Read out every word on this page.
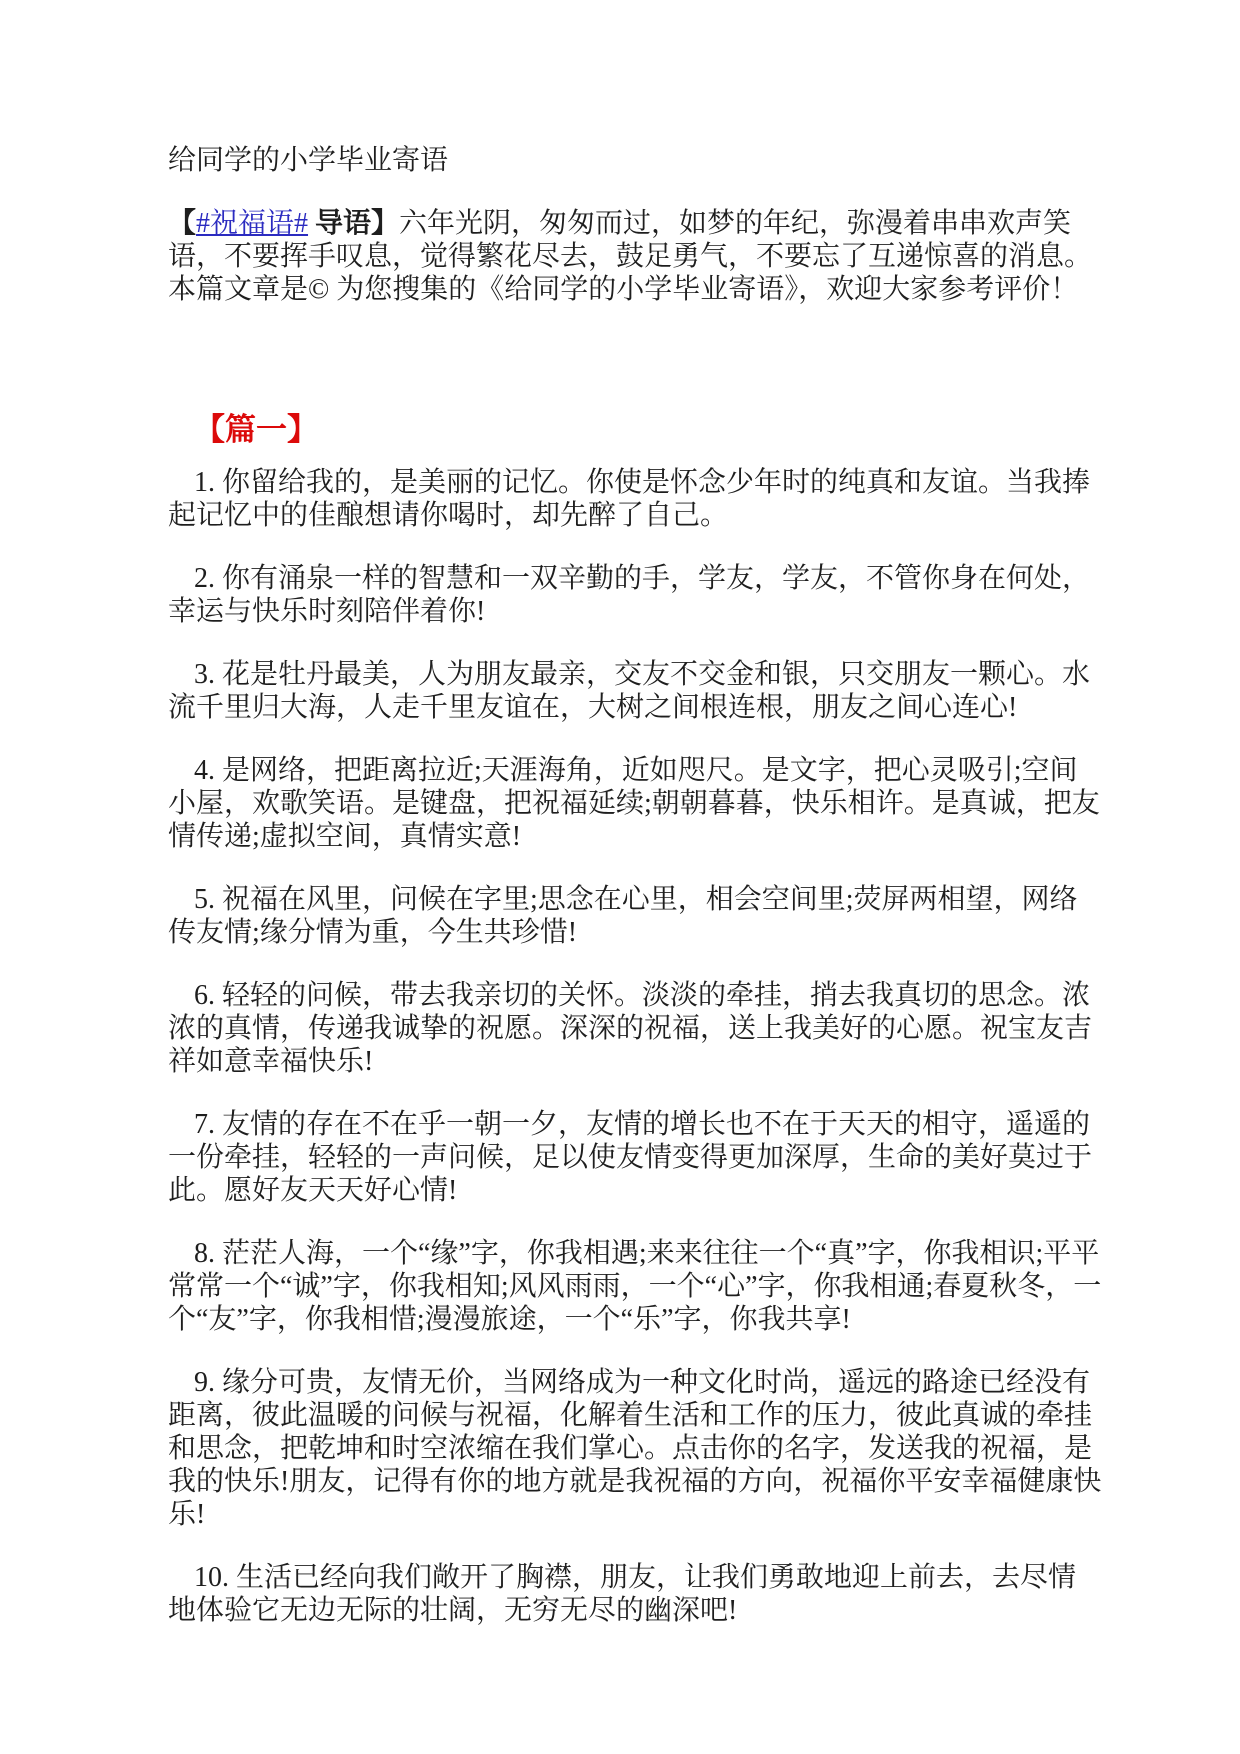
给同学的小学毕业寄语

【#祝福语# 导语】六年光阴，匆匆而过，如梦的年纪，弥漫着串串欢声笑语，不要挥手叹息，觉得繁花尽去，鼓足勇气，不要忘了互递惊喜的消息。本篇文章是© 为您搜集的《给同学的小学毕业寄语》，欢迎大家参考评价！

【篇一】

1. 你留给我的，是美丽的记忆。你使是怀念少年时的纯真和友谊。当我捧起记忆中的佳酿想请你喝时，却先醉了自己。

2. 你有涌泉一样的智慧和一双辛勤的手，学友，学友，不管你身在何处，幸运与快乐时刻陪伴着你!

3. 花是牡丹最美，人为朋友最亲，交友不交金和银，只交朋友一颗心。水流千里归大海，人走千里友谊在，大树之间根连根，朋友之间心连心!

4. 是网络，把距离拉近;天涯海角，近如咫尺。是文字，把心灵吸引;空间小屋，欢歌笑语。是键盘，把祝福延续;朝朝暮暮，快乐相许。是真诚，把友情传递;虚拟空间，真情实意!

5. 祝福在风里，问候在字里;思念在心里，相会空间里;荧屏两相望，网络传友情;缘分情为重，今生共珍惜!

6. 轻轻的问候，带去我亲切的关怀。淡淡的牵挂，捎去我真切的思念。浓浓的真情，传递我诚挚的祝愿。深深的祝福，送上我美好的心愿。祝宝友吉祥如意幸福快乐!

7. 友情的存在不在乎一朝一夕，友情的增长也不在于天天的相守，遥遥的一份牵挂，轻轻的一声问候，足以使友情变得更加深厚，生命的美好莫过于此。愿好友天天好心情!

8. 茫茫人海，一个“缘”字，你我相遇;来来往往一个“真”字，你我相识;平平常常一个“诚”字，你我相知;风风雨雨，一个“心”字，你我相通;春夏秋冬，一个“友”字，你我相惜;漫漫旅途，一个“乐”字，你我共享!

9. 缘分可贵，友情无价，当网络成为一种文化时尚，遥远的路途已经没有距离，彼此温暖的问候与祝福，化解着生活和工作的压力，彼此真诚的牵挂和思念，把乾坤和时空浓缩在我们掌心。点击你的名字，发送我的祝福，是我的快乐!朋友，记得有你的地方就是我祝福的方向，祝福你平安幸福健康快乐!

10. 生活已经向我们敞开了胸襟，朋友，让我们勇敢地迎上前去，去尽情地体验它无边无际的壮阔，无穷无尽的幽深吧!
